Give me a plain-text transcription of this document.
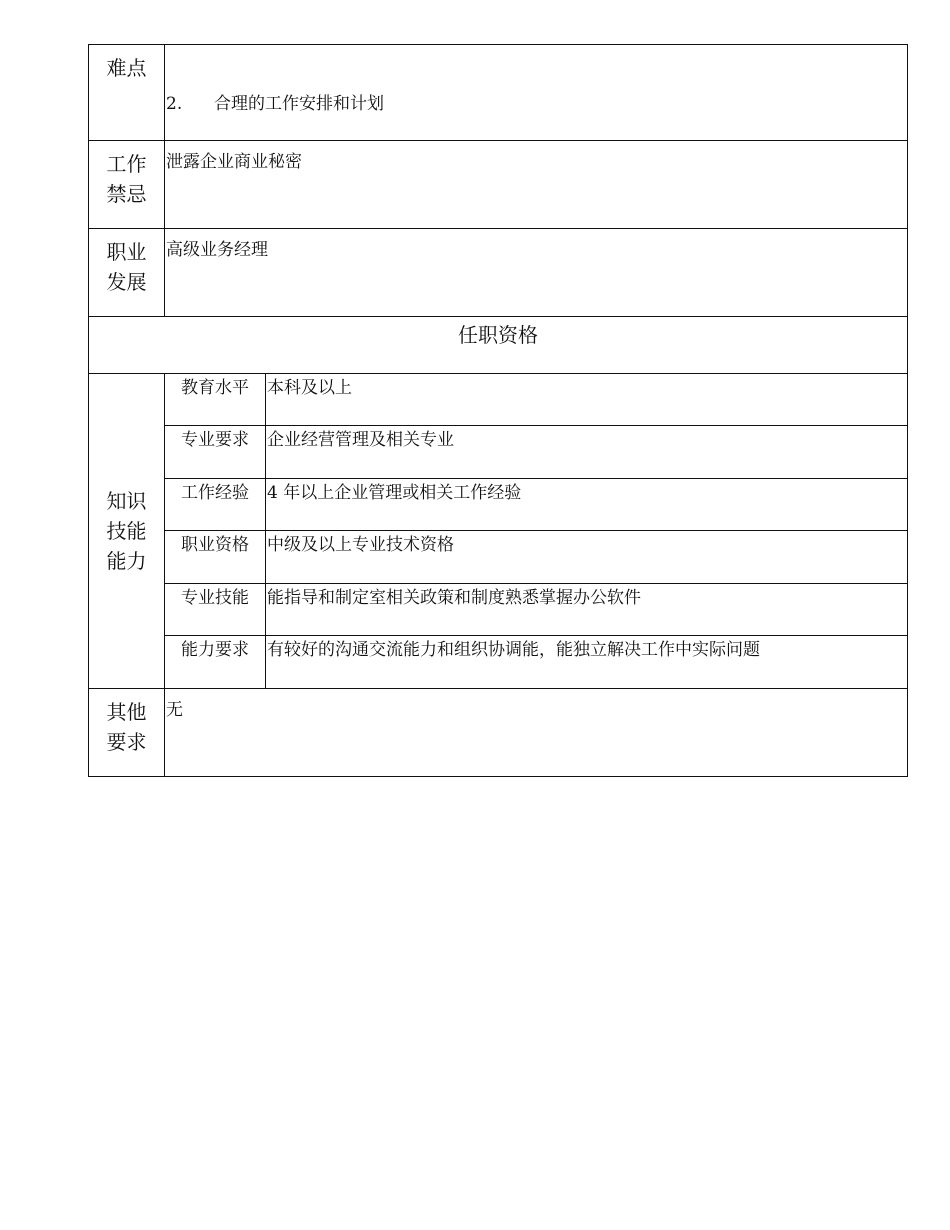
难点	2. 合理的工作安排和计划	
工作禁忌	泄露企业商业秘密	
职业发展	高级业务经理	
任职资格		
知识技能能力	教育水平	本科及以上
	专业要求	企业经营管理及相关专业
	工作经验	4 年以上企业管理或相关工作经验
	职业资格	中级及以上专业技术资格
	专业技能	能指导和制定室相关政策和制度熟悉掌握办公软件
	能力要求	有较好的沟通交流能力和组织协调能，能独立解决工作中实际问题
其他要求	无	
